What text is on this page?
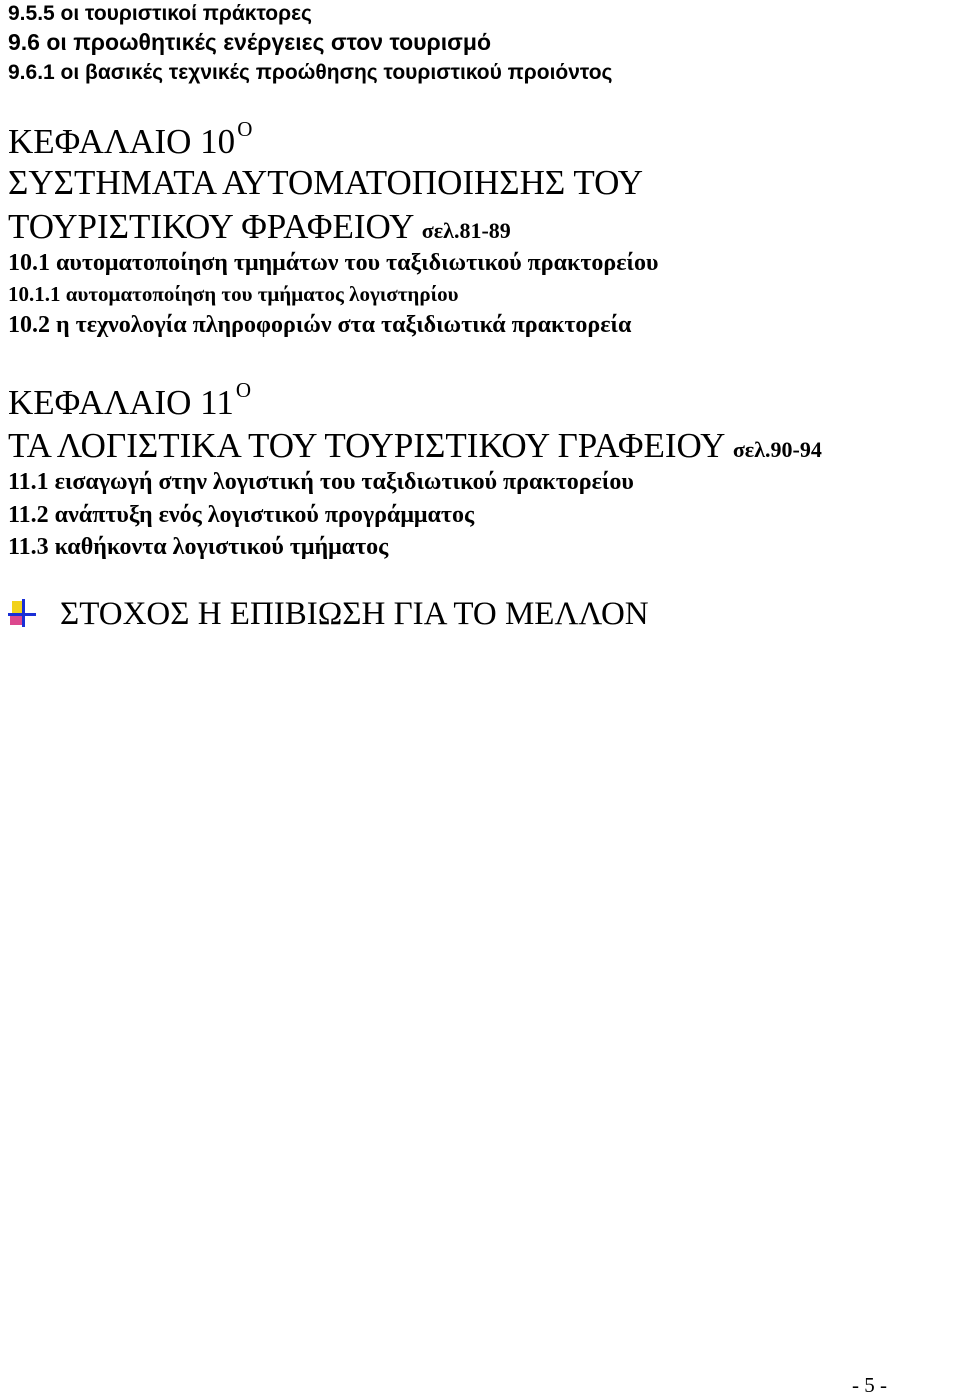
9.5.5 οι τουριστικοί πράκτορες
9.6 οι προωθητικές ενέργειες στον τουρισμό
9.6.1 οι βασικές τεχνικές προώθησης τουριστικού προιόντος
ΚΕΦΑΛΑΙΟ $10^O$
ΣΥΣΤΗΜΑΤΑ ΑΥΤΟΜΑΤΟΠΟΙΗΣΗΣ ΤΟΥ
ΤΟΥΡΙΣΤΙΚΟΥ ΦΡΑΦΕΙΟΥ σελ.81-89
10.1 αυτοματοποίηση τμημάτων του ταξιδιωτικού πρακτορείου
10.1.1 αυτοματοποίηση του τμήματος λογιστηρίου
10.2 η τεχνολογία πληροφοριών στα ταξιδιωτικά πρακτορεία
ΚΕΦΑΛΑΙΟ $11^O$
ΤΑ ΛΟΓΙΣΤΙΚΑ ΤΟΥ ΤΟΥΡΙΣΤΙΚΟΥ ΓΡΑΦΕΙΟΥ σελ.90-94
11.1 εισαγωγή στην λογιστική του ταξιδιωτικού πρακτορείου
11.2 ανάπτυξη ενός λογιστικού προγράμματος
11.3 καθήκοντα λογιστικού τμήματος
ΣΤΟΧΟΣ Η ΕΠΙΒΙΩΣΗ ΓΙΑ ΤΟ ΜΕΛΛΟΝ
- 5 -
